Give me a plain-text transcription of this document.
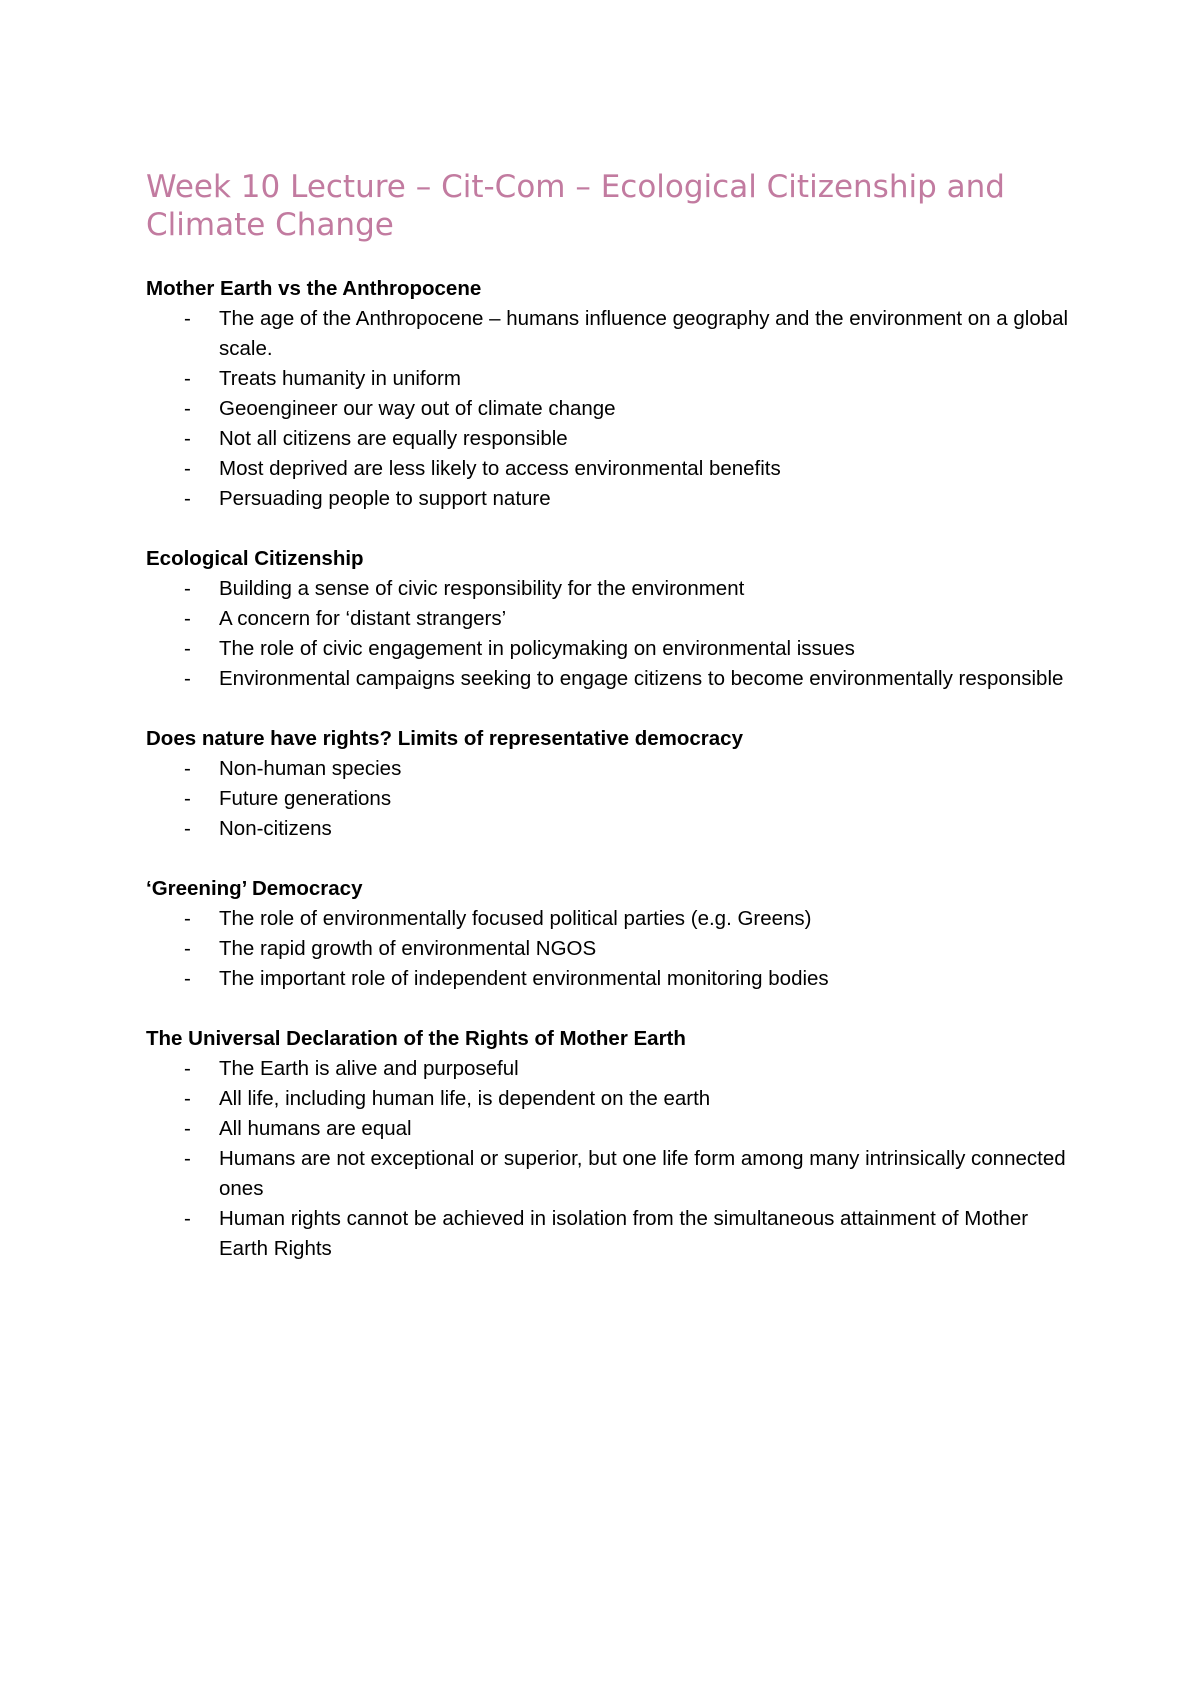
Week 10 Lecture – Cit-Com – Ecological Citizenship and Climate Change
Mother Earth vs the Anthropocene
- The age of the Anthropocene – humans influence geography and the environment on a global scale.
- Treats humanity in uniform
- Geoengineer our way out of climate change
- Not all citizens are equally responsible
- Most deprived are less likely to access environmental benefits
- Persuading people to support nature
Ecological Citizenship
- Building a sense of civic responsibility for the environment
- A concern for ‘distant strangers’
- The role of civic engagement in policymaking on environmental issues
- Environmental campaigns seeking to engage citizens to become environmentally responsible
Does nature have rights? Limits of representative democracy
- Non-human species
- Future generations
- Non-citizens
‘Greening’ Democracy
- The role of environmentally focused political parties (e.g. Greens)
- The rapid growth of environmental NGOS
- The important role of independent environmental monitoring bodies
The Universal Declaration of the Rights of Mother Earth
- The Earth is alive and purposeful
- All life, including human life, is dependent on the earth
- All humans are equal
- Humans are not exceptional or superior, but one life form among many intrinsically connected ones
- Human rights cannot be achieved in isolation from the simultaneous attainment of Mother Earth Rights
